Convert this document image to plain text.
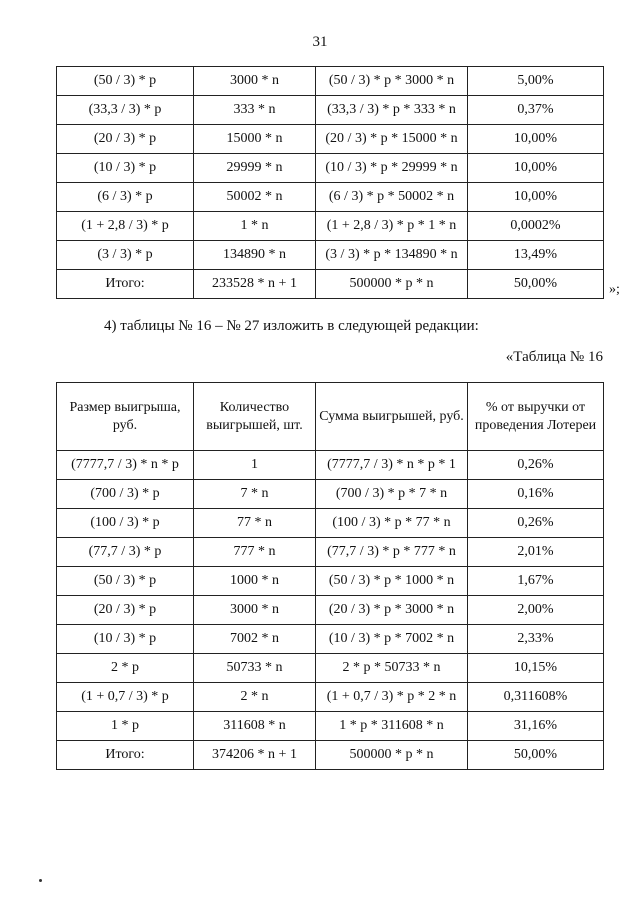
31
(50 / 3) * p	3000 * n	(50 / 3) * p * 3000 * n	5,00%
(33,3 / 3) * p	333 * n	(33,3 / 3) * p * 333 * n	0,37%
(20 / 3) * p	15000 * n	(20 / 3) * p * 15000 * n	10,00%
(10 / 3) * p	29999 * n	(10 / 3) * p * 29999 * n	10,00%
(6 / 3) * p	50002 * n	(6 / 3) * p * 50002 * n	10,00%
(1 + 2,8 / 3) * p	1 * n	(1 + 2,8 / 3) * p * 1 * n	0,0002%
(3 / 3) * p	134890 * n	(3 / 3) * p * 134890 * n	13,49%
Итого:	233528 * n + 1	500000 * p * n	50,00%	»;
4) таблицы № 16 – № 27 изложить в следующей редакции:
«Таблица № 16
Размер выигрыша, руб.	Количество выигрышей, шт.	Сумма выигрышей, руб.	% от выручки от проведения Лотереи
(7777,7 / 3) * n * p	1	(7777,7 / 3) * n * p * 1	0,26%
(700 / 3) * p	7 * n	(700 / 3) * p * 7 * n	0,16%
(100 / 3) * p	77 * n	(100 / 3) * p * 77 * n	0,26%
(77,7 / 3) * p	777 * n	(77,7 / 3) * p * 777 * n	2,01%
(50 / 3) * p	1000 * n	(50 / 3) * p * 1000 * n	1,67%
(20 / 3) * p	3000 * n	(20 / 3) * p * 3000 * n	2,00%
(10 / 3) * p	7002 * n	(10 / 3) * p * 7002 * n	2,33%
2 * p	50733 * n	2 * p * 50733 * n	10,15%
(1 + 0,7 / 3) * p	2 * n	(1 + 0,7 / 3) * p * 2 * n	0,311608%
1 * p	311608 * n	1 * p * 311608 * n	31,16%
Итого:	374206 * n + 1	500000 * p * n	50,00%
